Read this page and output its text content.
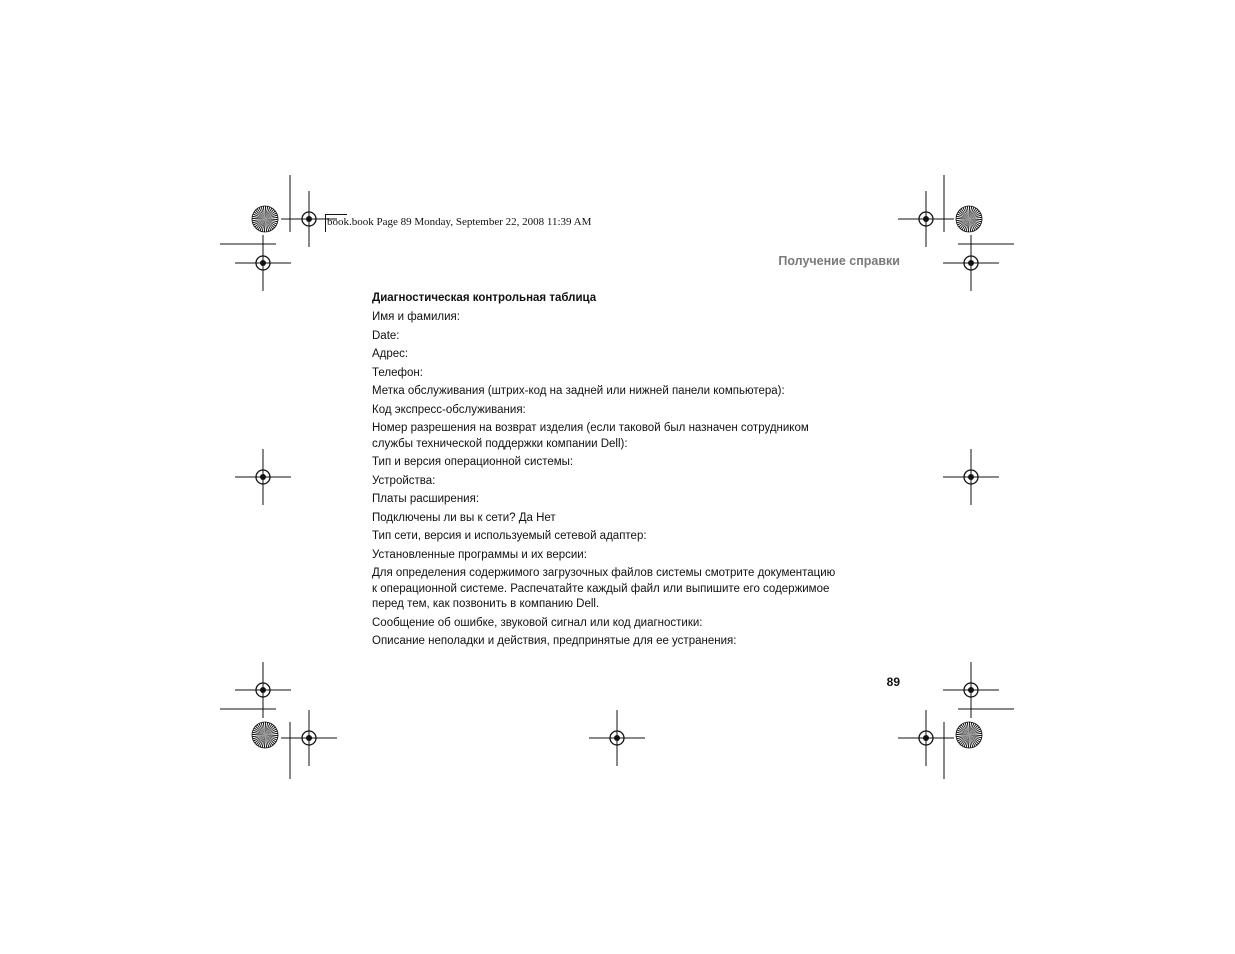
book.book Page 89 Monday, September 22, 2008 11:39 AM
Получение справки
Диагностическая контрольная таблица
Имя и фамилия:
Date:
Адрес:
Телефон:
Метка обслуживания (штрих-код на задней или нижней панели компьютера):
Код экспресс-обслуживания:
Номер разрешения на возврат изделия (если таковой был назначен сотрудником
службы технической поддержки компании Dell):
Тип и версия операционной системы:
Устройства:
Платы расширения:
Подключены ли вы к сети? Да Нет
Тип сети, версия и используемый сетевой адаптер:
Установленные программы и их версии:
Для определения содержимого загрузочных файлов системы смотрите документацию
к операционной системе. Распечатайте каждый файл или выпишите его содержимое
перед тем, как позвонить в компанию Dell.
Сообщение об ошибке, звуковой сигнал или код диагностики:
Описание неполадки и действия, предпринятые для ее устранения:
89
